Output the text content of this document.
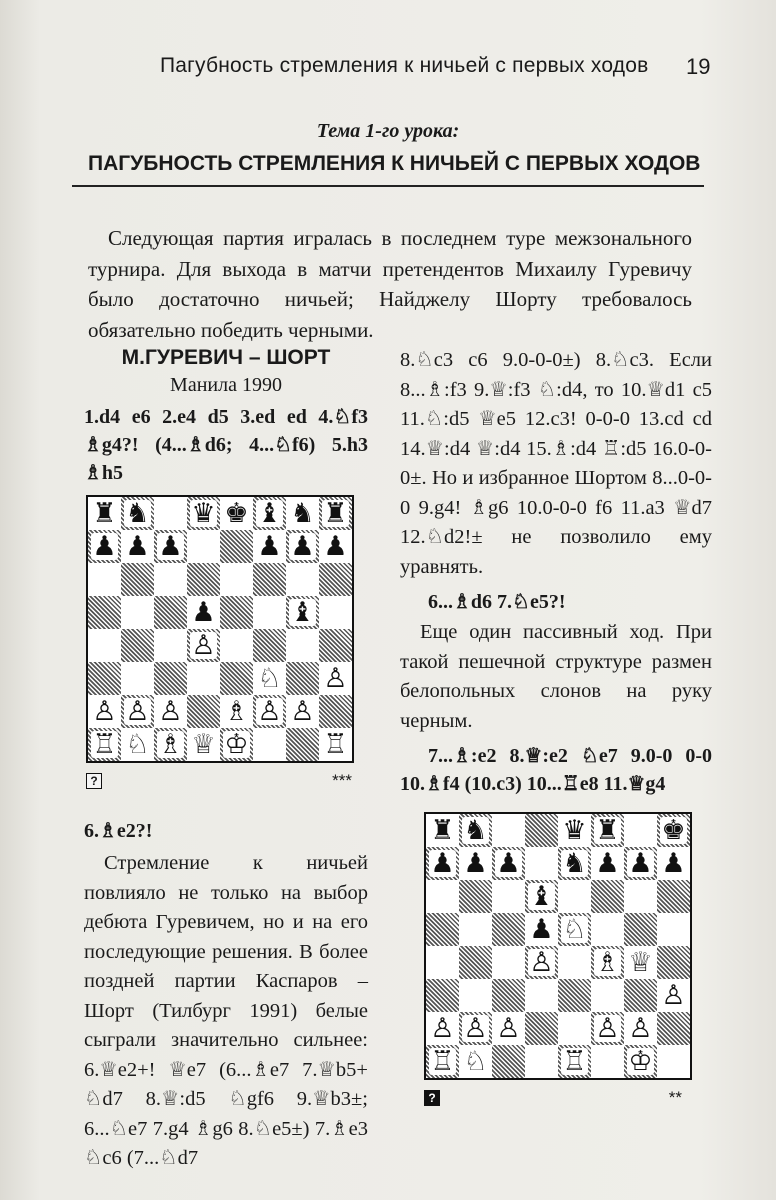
Пагубность стремления к ничьей с первых ходов 19
Тема 1-го урока:
ПАГУБНОСТЬ СТРЕМЛЕНИЯ К НИЧЬЕЙ С ПЕРВЫХ ХОДОВ
Следующая партия игралась в последнем туре межзонального турнира. Для выхода в матчи претендентов Михаилу Гуревичу было достаточно ничьей; Найджелу Шорту требовалось обязательно победить черными.
М.ГУРЕВИЧ – ШОРТ
Манила 1990

1.d4 e6 2.e4 d5 3.ed ed 4.♘f3 ♗g4?! (4...♗d6; 4...♘f6) 5.h3 ♗h5

♜ ♞ ♛ ♚ ♝ ♞ ♜
♟ ♟ ♟	♟ ♟ ♟
♟	♝
♙
♘ ♙
♙ ♙ ♙ ♗ ♙ ♙
♖ ♘ ♗ ♕ ♔	♖
?	***

6.♗e2?!

Стремление к ничьей повлияло не только на выбор дебюта Гуревичем, но и на его последующие решения. В более поздней партии Каспаров – Шорт (Тилбург 1991) белые сыграли значительно сильнее: 6.♕e2+! ♕e7 (6...♗e7 7.♕b5+ ♘d7 8.♕:d5 ♘gf6 9.♕b3±; 6...♘e7 7.g4 ♗g6 8.♘e5±) 7.♗e3 ♘c6 (7...♘d7

8.♘c3 c6 9.0-0-0±) 8.♘c3. Если 8...♗:f3 9.♕:f3 ♘:d4, то 10.♕d1 c5 11.♘:d5 ♕e5 12.c3! 0-0-0 13.cd cd 14.♕:d4 ♕:d4 15.♗:d4 ♖:d5 16.0-0-0±. Но и избранное Шортом 8...0-0-0 9.g4! ♗g6 10.0-0-0 f6 11.a3 ♕d7 12.♘d2!± не позволило ему уравнять.

6...♗d6 7.♘e5?!

Еще один пассивный ход. При такой пешечной структуре размен белопольных слонов на руку черным.

7...♗:e2 8.♕:e2 ♘e7 9.0-0 0-0 10.♗f4 (10.c3) 10...♖e8 11.♕g4

♜ ♞	♛ ♜ ♚
♟ ♟ ♟ ♞ ♟ ♟ ♟
♝
♟ ♘
♙ ♗ ♕
♙
♙ ♙ ♙	♙ ♙
♖ ♘	♖ ♔
?	**
